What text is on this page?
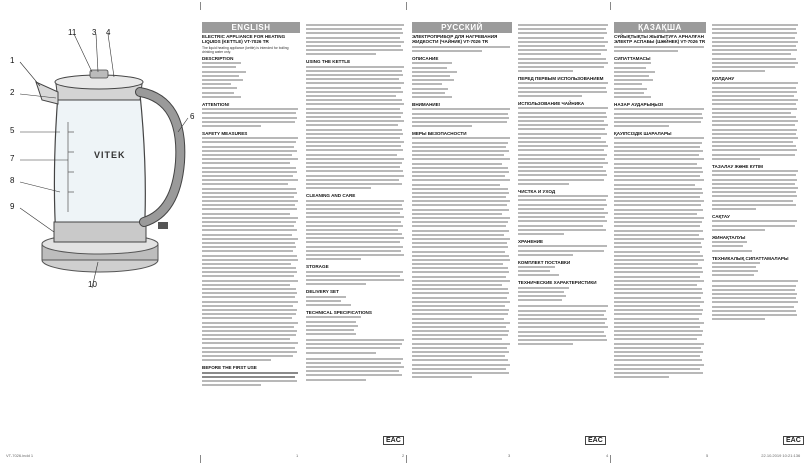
11 3 4
1
2
5
7
8
9
6
10
VITEK
ENGLISH
ELECTRIC APPLIANCE FOR HEATING LIQUIDS (KETTLE) VT-7026 TR
The liquid heating appliance (kettle) is intended for boiling drinking water only.
DESCRIPTION
ATTENTION!
SAFETY MEASURES
BEFORE THE FIRST USE
USING THE KETTLE
CLEANING AND CARE
STORAGE
DELIVERY SET
TECHNICAL SPECIFICATIONS
РУССКИЙ
ЭЛЕКТРОПРИБОР ДЛЯ НАГРЕВАНИЯ ЖИДКОСТИ (ЧАЙНИК) VT-7026 TR
ОПИСАНИЕ
ВНИМАНИЕ!
МЕРЫ БЕЗОПАСНОСТИ
ПЕРЕД ПЕРВЫМ ИСПОЛЬЗОВАНИЕМ
ИСПОЛЬЗОВАНИЕ ЧАЙНИКА
ЧИСТКА И УХОД
ХРАНЕНИЕ
КОМПЛЕКТ ПОСТАВКИ
ТЕХНИЧЕСКИЕ ХАРАКТЕРИСТИКИ
ҚАЗАҚША
СҰЙЫҚТЫҚТЫ ЖЫЛЫТУҒА АРНАЛҒАН ЭЛЕКТР АСПАБЫ (ШӘЙНЕК) VT-7026 TR
СИПАТТАМАСЫ
НАЗАР АУДАРЫҢЫЗ!
ҚАУІПСІЗДІК ШАРАЛАРЫ
ҚОЛДАНУ
ТАЗАЛАУ ЖӘНЕ КҮТІМ
САҚТАУ
ЖИНАҚТАЛУЫ
ТЕХНИКАЛЫҚ СИПАТТАМАЛАРЫ
EAC	EAC	EAC
VT-7026.indd 1	22.10.2019 10:21:13
1	2	3	4	5	6
